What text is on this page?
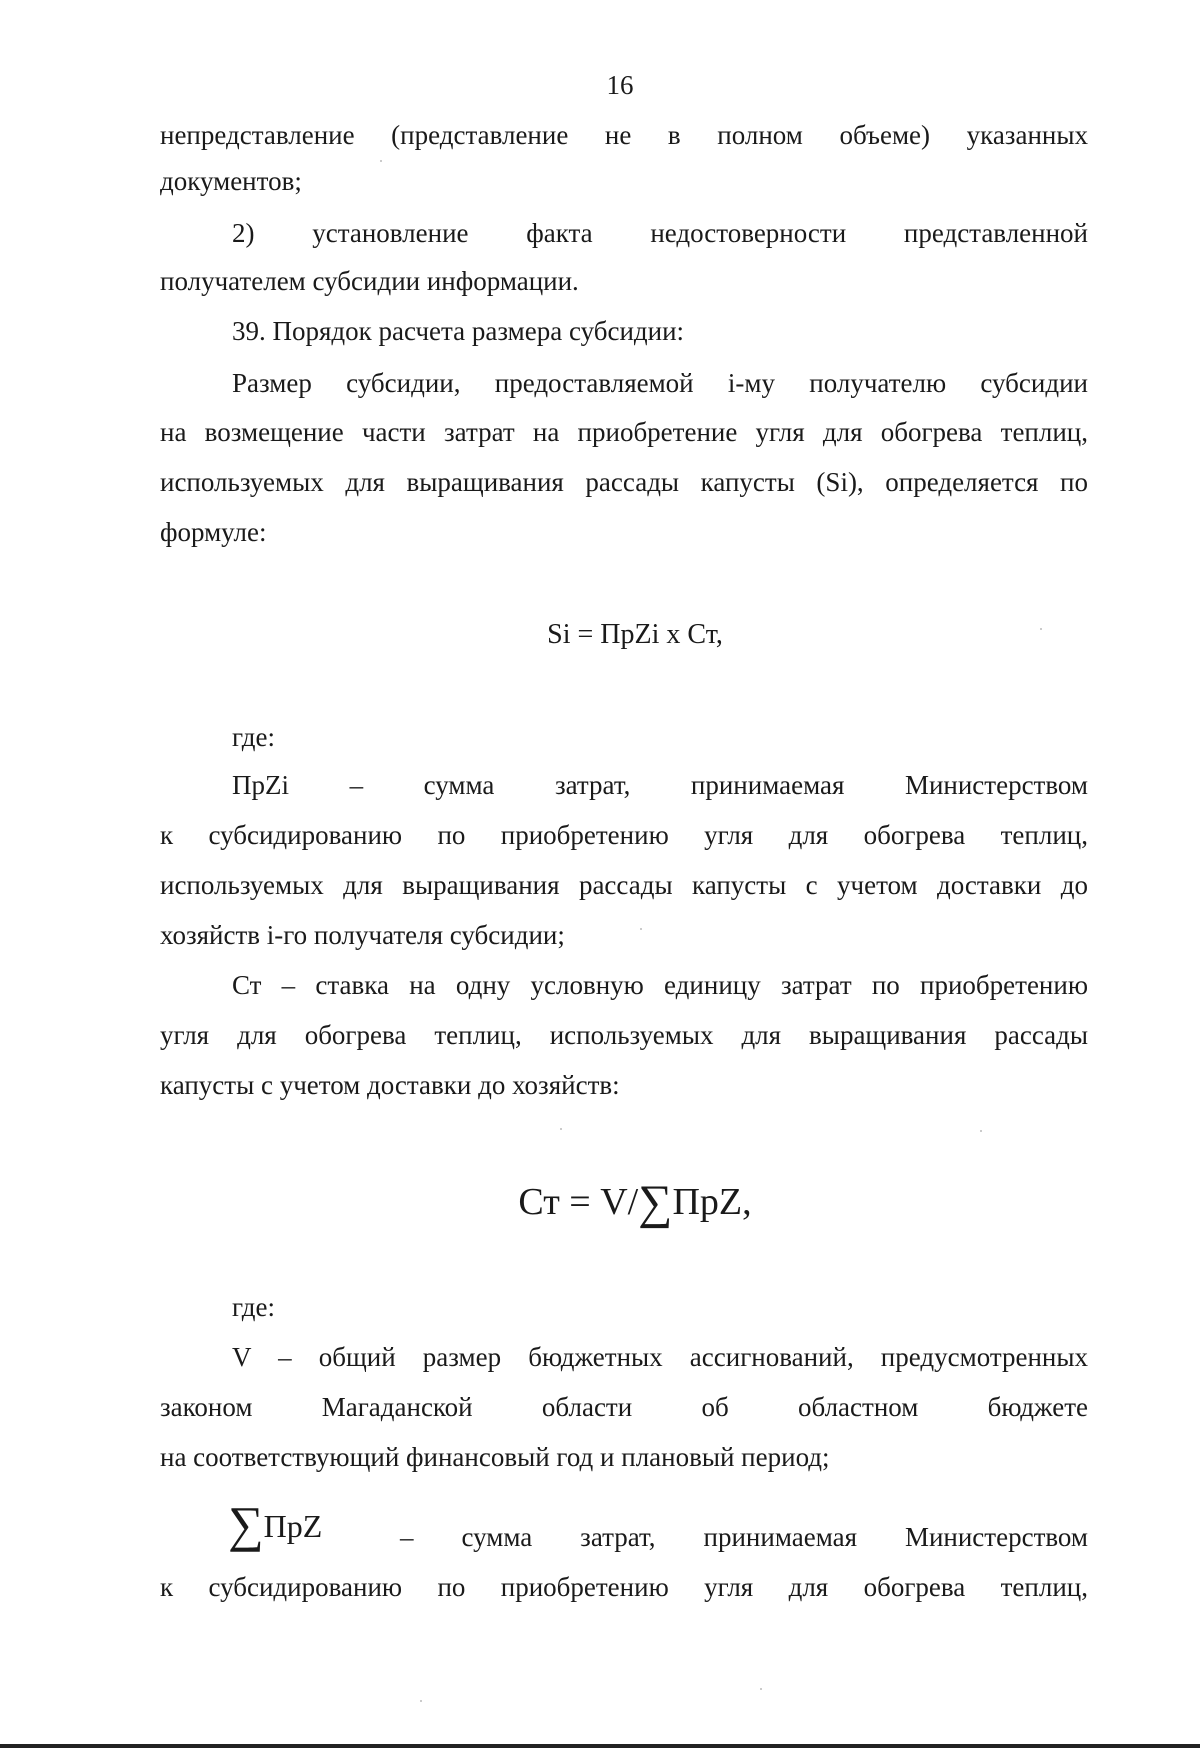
16
непредставление (представление не в полном объеме) указанных
документов;
2) установление факта недостоверности представленной
получателем субсидии информации.
39. Порядок расчета размера субсидии:
Размер субсидии, предоставляемой i-му получателю субсидии
на возмещение части затрат на приобретение угля для обогрева теплиц,
используемых для выращивания рассады капусты (Si), определяется по
формуле:
Si = ПрZi x Ст,
где:
ПрZi – сумма затрат, принимаемая Министерством
к субсидированию по приобретению угля для обогрева теплиц,
используемых для выращивания рассады капусты с учетом доставки до
хозяйств i-го получателя субсидии;
Ст – ставка на одну условную единицу затрат по приобретению
угля для обогрева теплиц, используемых для выращивания рассады
капусты с учетом доставки до хозяйств:
Ст = V/∑ПрZ,
где:
V – общий размер бюджетных ассигнований, предусмотренных
законом Магаданской области об областном бюджете
на соответствующий финансовый год и плановый период;
∑ПрZ	– сумма затрат, принимаемая Министерством
к субсидированию по приобретению угля для обогрева теплиц,
